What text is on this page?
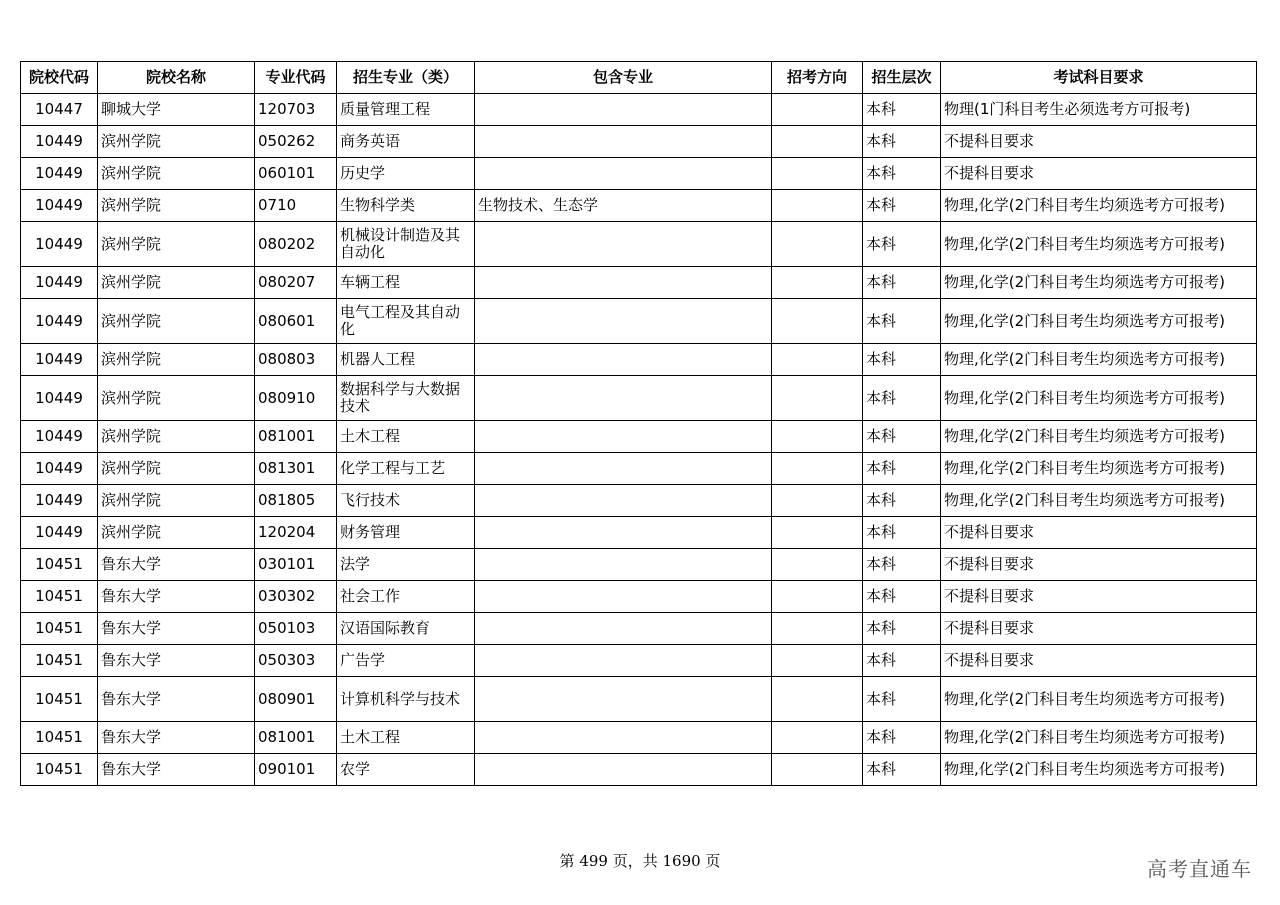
院校代码	院校名称	专业代码	招生专业（类）	包含专业	招考方向	招生层次	考试科目要求
10447	聊城大学	120703	质量管理工程			本科	物理(1门科目考生必须选考方可报考)
10449	滨州学院	050262	商务英语			本科	不提科目要求
10449	滨州学院	060101	历史学			本科	不提科目要求
10449	滨州学院	0710	生物科学类	生物技术、生态学		本科	物理,化学(2门科目考生均须选考方可报考)
10449	滨州学院	080202	机械设计制造及其自动化			本科	物理,化学(2门科目考生均须选考方可报考)
10449	滨州学院	080207	车辆工程			本科	物理,化学(2门科目考生均须选考方可报考)
10449	滨州学院	080601	电气工程及其自动化			本科	物理,化学(2门科目考生均须选考方可报考)
10449	滨州学院	080803	机器人工程			本科	物理,化学(2门科目考生均须选考方可报考)
10449	滨州学院	080910	数据科学与大数据技术			本科	物理,化学(2门科目考生均须选考方可报考)
10449	滨州学院	081001	土木工程			本科	物理,化学(2门科目考生均须选考方可报考)
10449	滨州学院	081301	化学工程与工艺			本科	物理,化学(2门科目考生均须选考方可报考)
10449	滨州学院	081805	飞行技术			本科	物理,化学(2门科目考生均须选考方可报考)
10449	滨州学院	120204	财务管理			本科	不提科目要求
10451	鲁东大学	030101	法学			本科	不提科目要求
10451	鲁东大学	030302	社会工作			本科	不提科目要求
10451	鲁东大学	050103	汉语国际教育			本科	不提科目要求
10451	鲁东大学	050303	广告学			本科	不提科目要求
10451	鲁东大学	080901	计算机科学与技术			本科	物理,化学(2门科目考生均须选考方可报考)
10451	鲁东大学	081001	土木工程			本科	物理,化学(2门科目考生均须选考方可报考)
10451	鲁东大学	090101	农学			本科	物理,化学(2门科目考生均须选考方可报考)
第 499 页，共 1690 页	高考直通车
